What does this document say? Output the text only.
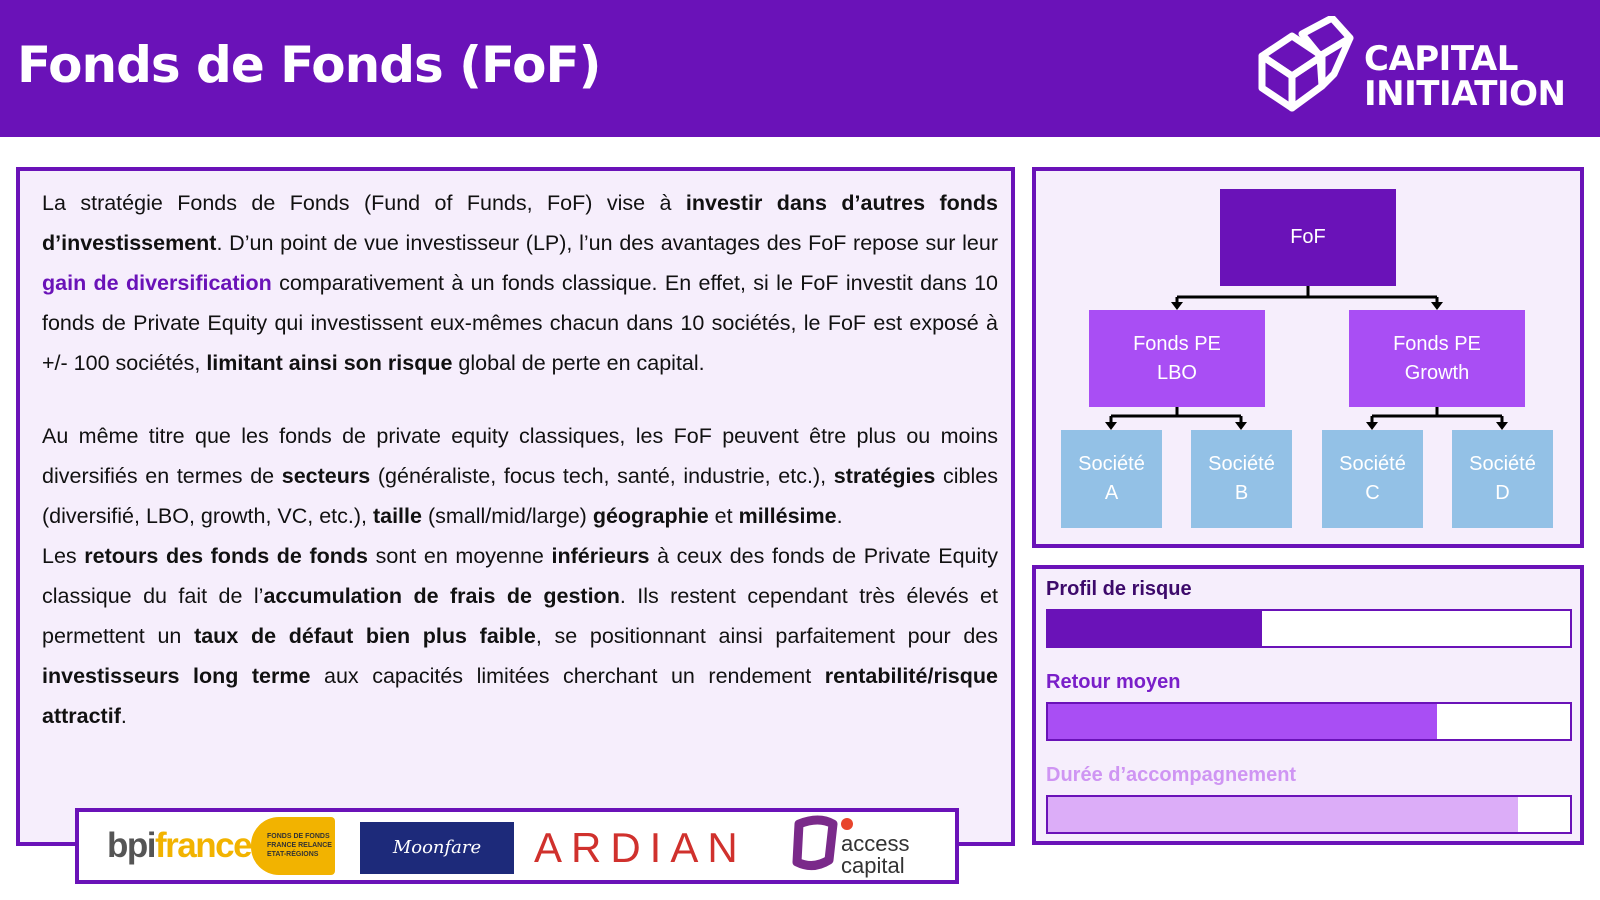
Fonds de Fonds (FoF)	CAPITAL
INITIATION

La stratégie Fonds de Fonds (Fund of Funds, FoF) vise à investir dans d’autres fonds d’investissement. D’un point de vue investisseur (LP), l’un des avantages des FoF repose sur leur gain de diversification comparativement à un fonds classique. En effet, si le FoF investit dans 10 fonds de Private Equity qui investissent eux-mêmes chacun dans 10 sociétés, le FoF est exposé à +/- 100 sociétés, limitant ainsi son risque global de perte en capital.

Au même titre que les fonds de private equity classiques, les FoF peuvent être plus ou moins diversifiés en termes de secteurs (généraliste, focus tech, santé, industrie, etc.), stratégies cibles (diversifié, LBO, growth, VC, etc.), taille (small/mid/large) géographie et millésime.

Les retours des fonds de fonds sont en moyenne inférieurs à ceux des fonds de Private Equity classique du fait de l’accumulation de frais de gestion. Ils restent cependant très élevés et permettent un taux de défaut bien plus faible, se positionnant ainsi parfaitement pour des investisseurs long terme aux capacités limitées cherchant un rendement rentabilité/risque attractif.

bpifrance FONDS DE FONDS
FRANCE RELANCE
ETAT-RÉGIONS	Moonfare	ARDIAN	access
capital
FoF
Fonds PE
LBO
Fonds PE
Growth
Société
A
Société
B
Société
C
Société
D
Profil de risque
Retour moyen
Durée d’accompagnement
